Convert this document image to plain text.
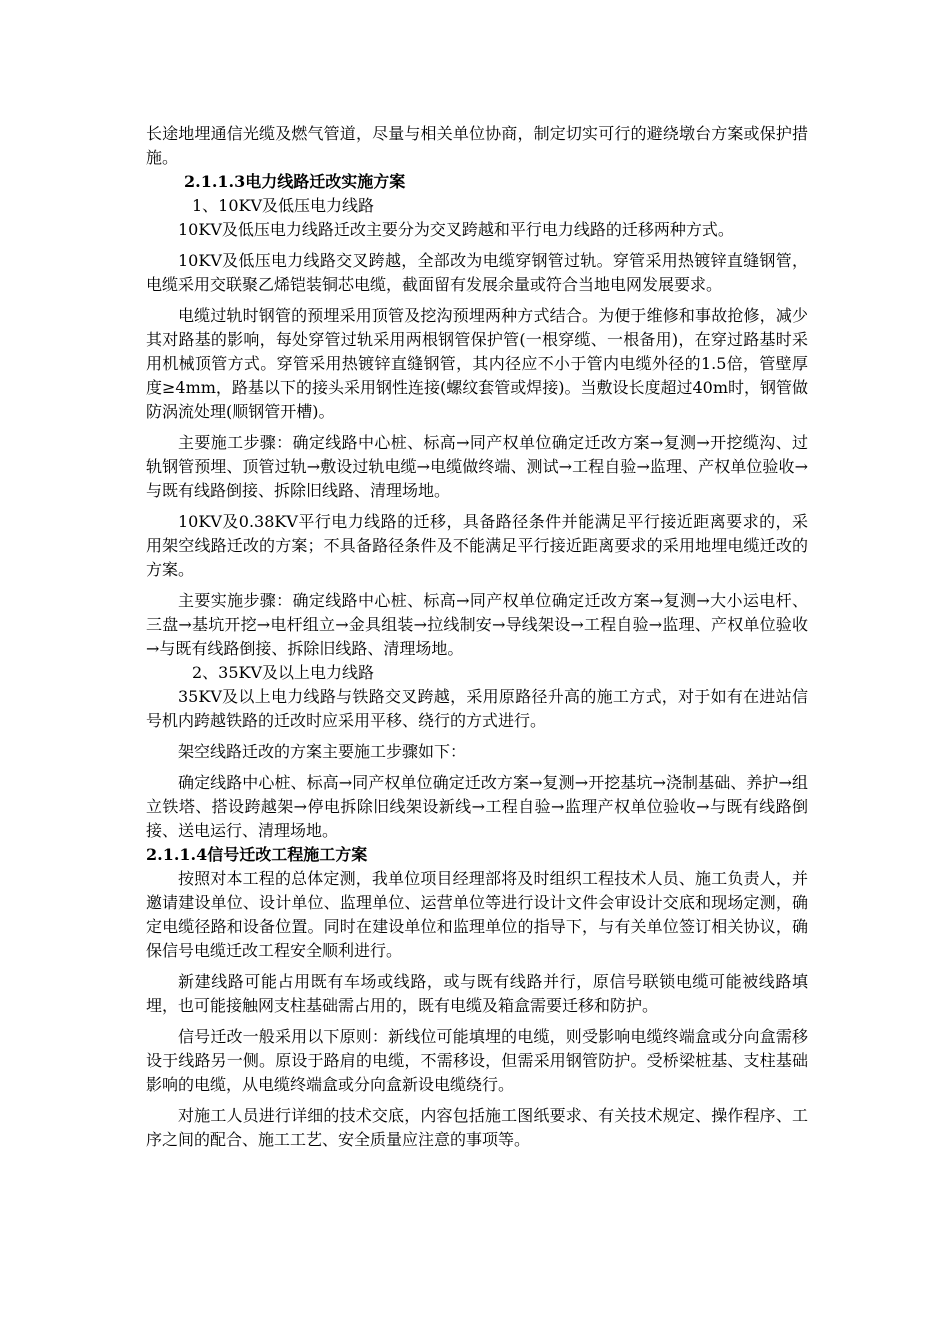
长途地埋通信光缆及燃气管道，尽量与相关单位协商，制定切实可行的避绕墩台方案或保护措施。

2.1.1.3电力线路迁改实施方案

1、10KV及低压电力线路

10KV及低压电力线路迁改主要分为交叉跨越和平行电力线路的迁移两种方式。

10KV及低压电力线路交叉跨越，全部改为电缆穿钢管过轨。穿管采用热镀锌直缝钢管，电缆采用交联聚乙烯铠装铜芯电缆，截面留有发展余量或符合当地电网发展要求。

电缆过轨时钢管的预埋采用顶管及挖沟预埋两种方式结合。为便于维修和事故抢修，减少其对路基的影响，每处穿管过轨采用两根钢管保护管(一根穿缆、一根备用)，在穿过路基时采用机械顶管方式。穿管采用热镀锌直缝钢管，其内径应不小于管内电缆外径的1.5倍，管壁厚度≥4mm，路基以下的接头采用钢性连接(螺纹套管或焊接)。当敷设长度超过40m时，钢管做防涡流处理(顺钢管开槽)。

主要施工步骤：确定线路中心桩、标高→同产权单位确定迁改方案→复测→开挖缆沟、过轨钢管预埋、顶管过轨→敷设过轨电缆→电缆做终端、测试→工程自验→监理、产权单位验收→与既有线路倒接、拆除旧线路、清理场地。

10KV及0.38KV平行电力线路的迁移，具备路径条件并能满足平行接近距离要求的，采用架空线路迁改的方案；不具备路径条件及不能满足平行接近距离要求的采用地埋电缆迁改的方案。

主要实施步骤：确定线路中心桩、标高→同产权单位确定迁改方案→复测→大小运电杆、三盘→基坑开挖→电杆组立→金具组装→拉线制安→导线架设→工程自验→监理、产权单位验收→与既有线路倒接、拆除旧线路、清理场地。

2、35KV及以上电力线路

35KV及以上电力线路与铁路交叉跨越，采用原路径升高的施工方式，对于如有在进站信号机内跨越铁路的迁改时应采用平移、绕行的方式进行。

架空线路迁改的方案主要施工步骤如下：

确定线路中心桩、标高→同产权单位确定迁改方案→复测→开挖基坑→浇制基础、养护→组立铁塔、搭设跨越架→停电拆除旧线架设新线→工程自验→监理产权单位验收→与既有线路倒接、送电运行、清理场地。

2.1.1.4信号迁改工程施工方案

按照对本工程的总体定测，我单位项目经理部将及时组织工程技术人员、施工负责人，并邀请建设单位、设计单位、监理单位、运营单位等进行设计文件会审设计交底和现场定测，确定电缆径路和设备位置。同时在建设单位和监理单位的指导下，与有关单位签订相关协议，确保信号电缆迁改工程安全顺利进行。

新建线路可能占用既有车场或线路，或与既有线路并行，原信号联锁电缆可能被线路填埋，也可能接触网支柱基础需占用的，既有电缆及箱盒需要迁移和防护。

信号迁改一般采用以下原则：新线位可能填埋的电缆，则受影响电缆终端盒或分向盒需移设于线路另一侧。原设于路肩的电缆，不需移设，但需采用钢管防护。受桥梁桩基、支柱基础影响的电缆，从电缆终端盒或分向盒新设电缆绕行。

对施工人员进行详细的技术交底，内容包括施工图纸要求、有关技术规定、操作程序、工序之间的配合、施工工艺、安全质量应注意的事项等。
